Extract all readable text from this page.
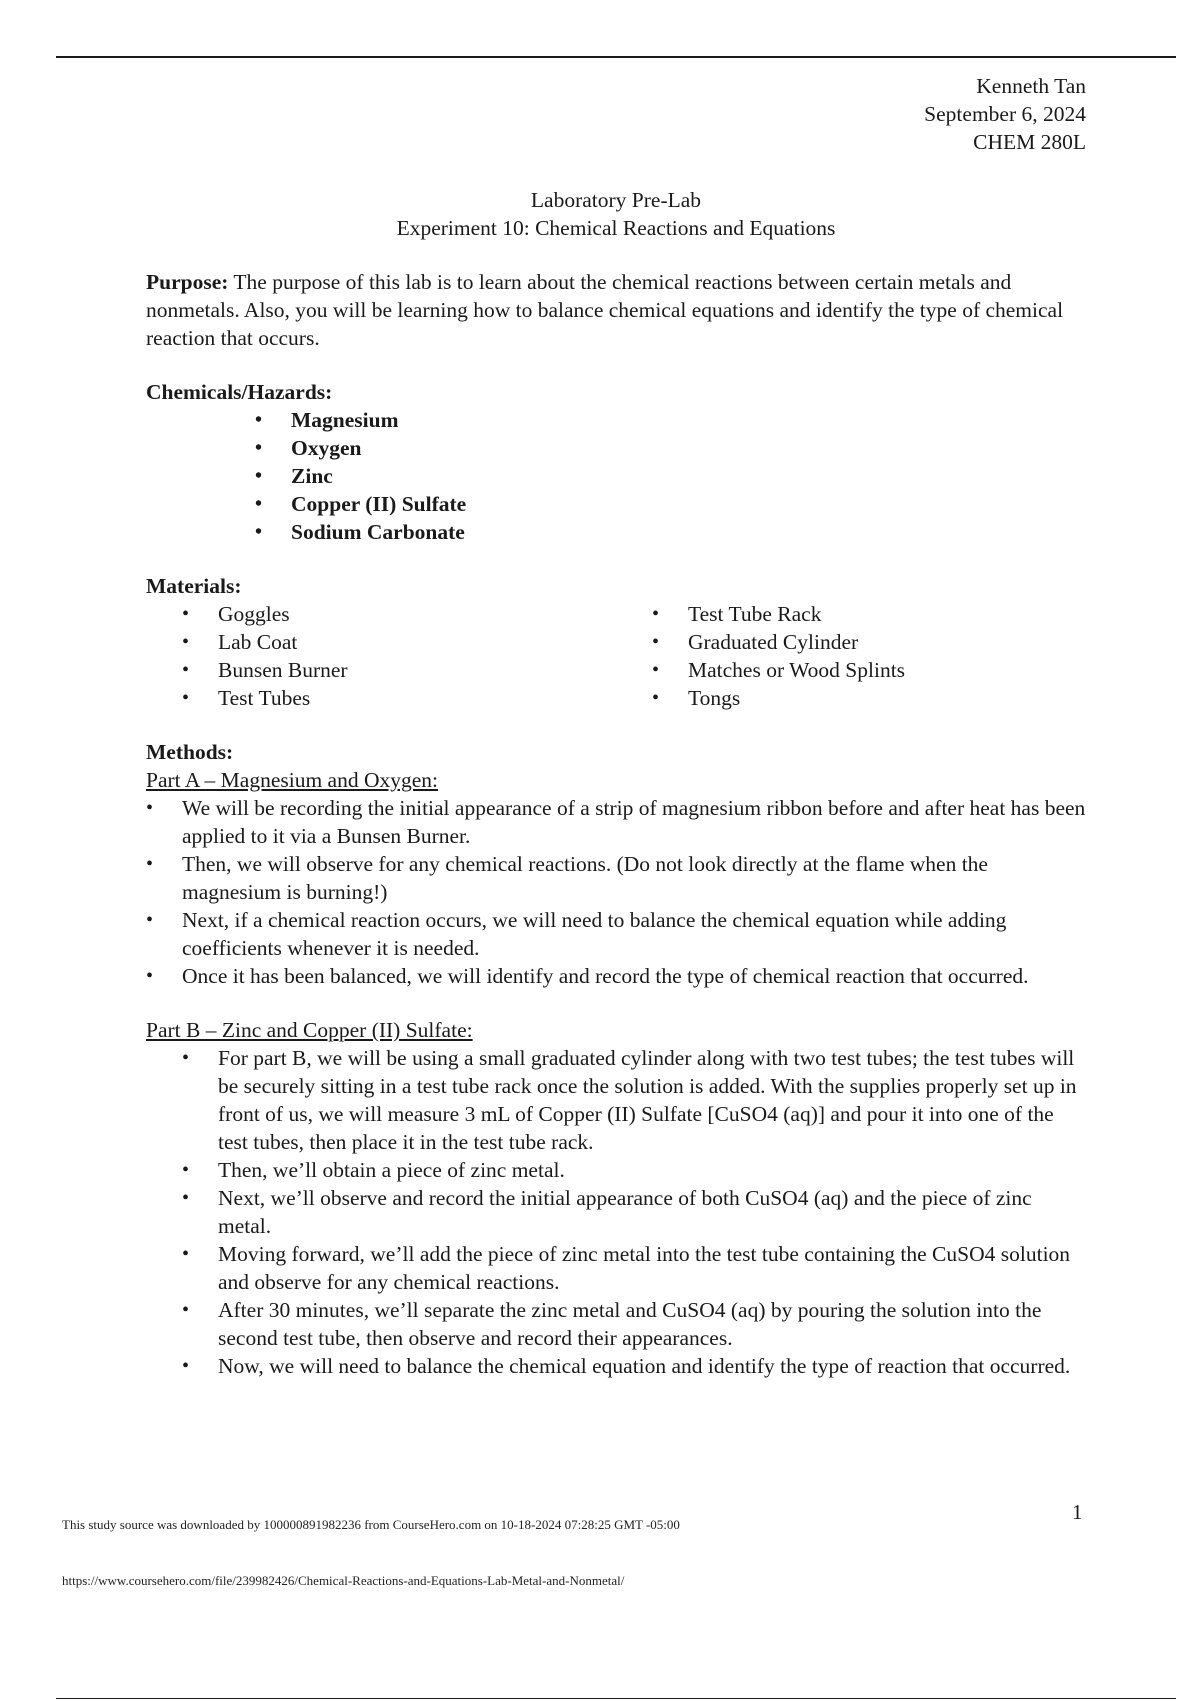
Kenneth Tan
September 6, 2024
CHEM 280L
Laboratory Pre-Lab
Experiment 10: Chemical Reactions and Equations

Purpose: The purpose of this lab is to learn about the chemical reactions between certain metals and nonmetals. Also, you will be learning how to balance chemical equations and identify the type of chemical reaction that occurs.

Chemicals/Hazards:
• Magnesium
• Oxygen
• Zinc
• Copper (II) Sulfate
• Sodium Carbonate
Materials:
• Goggles
• Lab Coat
• Bunsen Burner
• Test Tubes
• Test Tube Rack
• Graduated Cylinder
• Matches or Wood Splints
• Tongs
Methods:
Part A – Magnesium and Oxygen:
• We will be recording the initial appearance of a strip of magnesium ribbon before and after heat has been applied to it via a Bunsen Burner.
• Then, we will observe for any chemical reactions. (Do not look directly at the flame when the magnesium is burning!)
• Next, if a chemical reaction occurs, we will need to balance the chemical equation while adding coefficients whenever it is needed.
• Once it has been balanced, we will identify and record the type of chemical reaction that occurred.
Part B – Zinc and Copper (II) Sulfate:
• For part B, we will be using a small graduated cylinder along with two test tubes; the test tubes will be securely sitting in a test tube rack once the solution is added. With the supplies properly set up in front of us, we will measure 3 mL of Copper (II) Sulfate [CuSO4 (aq)] and pour it into one of the test tubes, then place it in the test tube rack.
• Then, we’ll obtain a piece of zinc metal.
• Next, we’ll observe and record the initial appearance of both CuSO4 (aq) and the piece of zinc metal.
• Moving forward, we’ll add the piece of zinc metal into the test tube containing the CuSO4 solution and observe for any chemical reactions.
• After 30 minutes, we’ll separate the zinc metal and CuSO4 (aq) by pouring the solution into the second test tube, then observe and record their appearances.
• Now, we will need to balance the chemical equation and identify the type of reaction that occurred.
1
This study source was downloaded by 100000891982236 from CourseHero.com on 10-18-2024 07:28:25 GMT -05:00
https://www.coursehero.com/file/239982426/Chemical-Reactions-and-Equations-Lab-Metal-and-Nonmetal/
